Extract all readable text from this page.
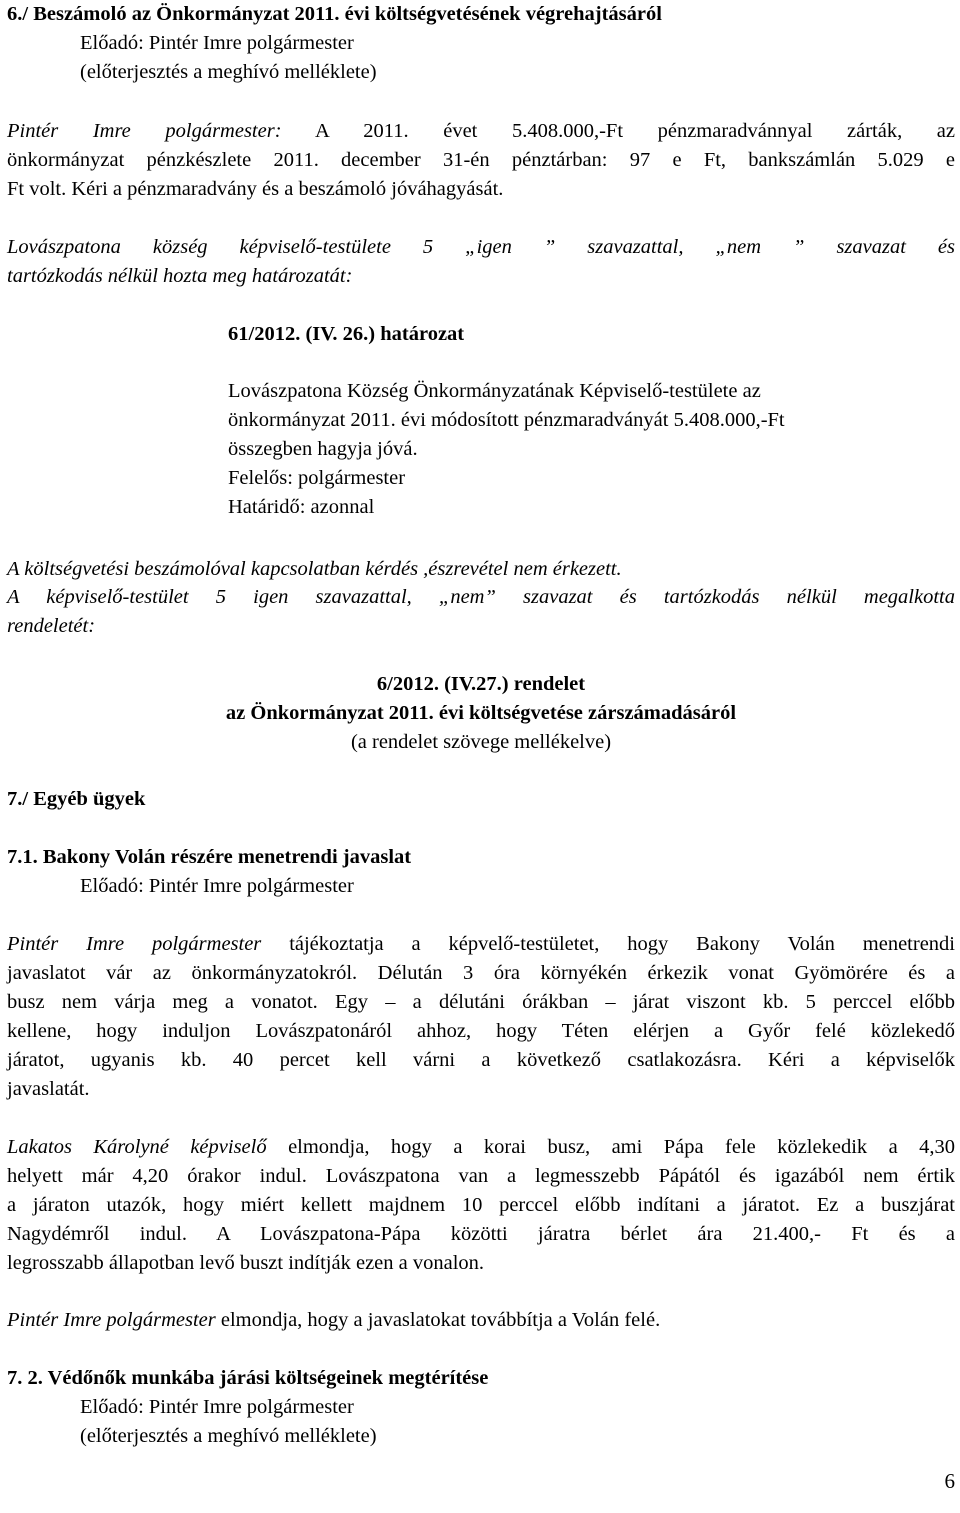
6./ Beszámoló az Önkormányzat 2011. évi költségvetésének végrehajtásáról
Előadó: Pintér Imre polgármester
(előterjesztés a meghívó melléklete)
Pintér Imre polgármester: A 2011. évet 5.408.000,-Ft pénzmaradvánnyal zárták, az
önkormányzat pénzkészlete 2011. december 31-én pénztárban: 97 e Ft, bankszámlán 5.029 e
Ft volt. Kéri a pénzmaradvány és a beszámoló jóváhagyását.
Lovászpatona község képviselő-testülete 5 „igen ” szavazattal, „nem ” szavazat és
tartózkodás nélkül hozta meg határozatát:
61/2012. (IV. 26.) határozat
Lovászpatona Község Önkormányzatának Képviselő-testülete az
önkormányzat 2011. évi módosított pénzmaradványát 5.408.000,-Ft
összegben hagyja jóvá.
Felelős: polgármester
Határidő: azonnal
A költségvetési beszámolóval kapcsolatban kérdés ,észrevétel nem érkezett.
A képviselő-testület 5 igen szavazattal, „nem” szavazat és tartózkodás nélkül megalkotta
rendeletét:
6/2012. (IV.27.) rendelet
az Önkormányzat 2011. évi költségvetése zárszámadásáról
(a rendelet szövege mellékelve)
7./ Egyéb ügyek
7.1. Bakony Volán részére menetrendi javaslat
Előadó: Pintér Imre polgármester
Pintér Imre polgármester tájékoztatja a képvelő-testületet, hogy Bakony Volán menetrendi
javaslatot vár az önkormányzatokról. Délután 3 óra környékén érkezik vonat Gyömörére és a
busz nem várja meg a vonatot. Egy – a délutáni órákban – járat viszont kb. 5 perccel előbb
kellene, hogy induljon Lovászpatonáról ahhoz, hogy Téten elérjen a Győr felé közlekedő
járatot, ugyanis kb. 40 percet kell várni a következő csatlakozásra. Kéri a képviselők
javaslatát.
Lakatos Károlyné képviselő elmondja, hogy a korai busz, ami Pápa fele közlekedik a 4,30
helyett már 4,20 órakor indul. Lovászpatona van a legmesszebb Pápától és igazából nem értik
a járaton utazók, hogy miért kellett majdnem 10 perccel előbb indítani a járatot. Ez a buszjárat
Nagydémről indul. A Lovászpatona-Pápa közötti járatra bérlet ára 21.400,- Ft és a
legrosszabb állapotban levő buszt indítják ezen a vonalon.
Pintér Imre polgármester elmondja, hogy a javaslatokat továbbítja a Volán felé.
7. 2. Védőnők munkába járási költségeinek megtérítése
Előadó: Pintér Imre polgármester
(előterjesztés a meghívó melléklete)
6
